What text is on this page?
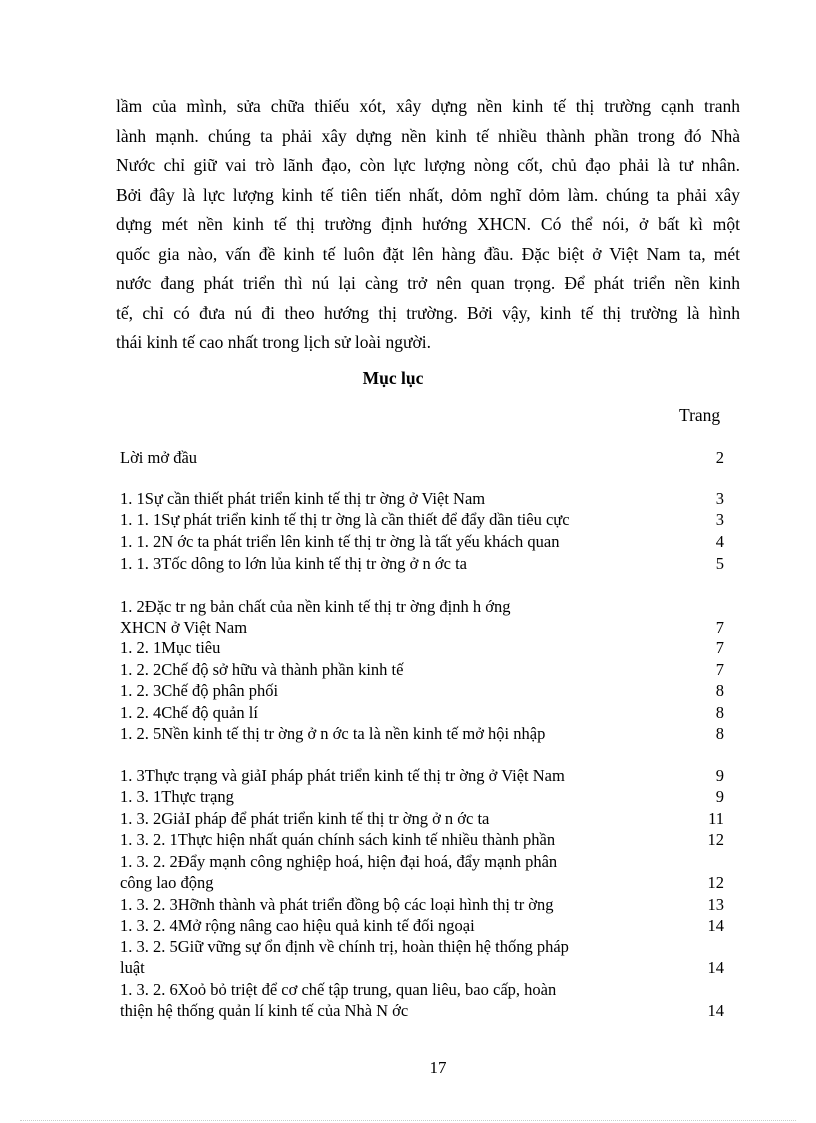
lầm của mình, sửa chữa thiếu xót, xây dựng nền kinh tế thị trường cạnh tranh
lành mạnh. chúng ta phải xây dựng nền kinh tế nhiều thành phần trong đó Nhà
Nước chỉ giữ vai trò lãnh đạo, còn lực lượng nòng cốt, chủ đạo phải là tư nhân.
Bởi đây là lực lượng kinh tế tiên tiến nhất, dỏm nghĩ dỏm làm. chúng ta phải xây
dựng mét nền kinh tế thị trường định hướng XHCN. Có thể nói, ở bất kì một
quốc gia nào, vấn đề kinh tế luôn đặt lên hàng đầu. Đặc biệt ở Việt Nam ta, mét
nước đang phát triển thì nú lại càng trở nên quan trọng. Để phát triển nền kinh
tế, chỉ có đưa nú đi theo hướng thị trường. Bởi vậy, kinh tế thị trường là hình
thái kinh tế cao nhất trong lịch sử loài người.
Mục lục
Trang
Lời mở đầu	2
1. 1Sự cần thiết phát triển kinh tế thị tr ờng ở Việt Nam	3
1. 1. 1Sự phát triển kinh tế thị tr ờng là cần thiết để đẩy dần tiêu cực	3
1. 1. 2N ớc ta phát triển lên kinh tế thị tr ờng là tất yếu khách quan	4
1. 1. 3Tốc dông to lớn lủa kinh tế thị tr ờng ở n ớc ta	5
1. 2Đặc tr ng bản chất của nền kinh tế thị tr ờng định h ớng
XHCN ở Việt Nam	7
1. 2. 1Mục tiêu	7
1. 2. 2Chế độ sở hữu và thành phần kinh tế	7
1. 2. 3Chế độ phân phối	8
1. 2. 4Chế độ quản lí	8
1. 2. 5Nền kinh tế thị tr ờng ở n ớc ta là nền kinh tế mở hội nhập	8
1. 3Thực trạng và giảI pháp phát triển kinh tế thị tr ờng ở Việt Nam	9
1. 3. 1Thực trạng	9
1. 3. 2GiảI pháp để phát triển kinh tế thị tr ờng ở n ớc ta	11
1. 3. 2. 1Thực hiện nhất quán chính sách kinh tế nhiều thành phần	12
1. 3. 2. 2Đẩy mạnh công nghiệp hoá, hiện đại hoá, đẩy mạnh phân
công lao động	12
1. 3. 2. 3Hỡnh thành và phát triển đồng bộ các loại hình thị tr ờng	13
1. 3. 2. 4Mở rộng nâng cao hiệu quả kinh tế đối ngoại	14
1. 3. 2. 5Giữ vững sự ổn định về chính trị, hoàn thiện hệ thống pháp
luật	14
1. 3. 2. 6Xoỏ bỏ triệt để cơ chế tập trung, quan liêu, bao cấp, hoàn
thiện hệ thống quản lí kinh tế của Nhà N ớc	14
17
